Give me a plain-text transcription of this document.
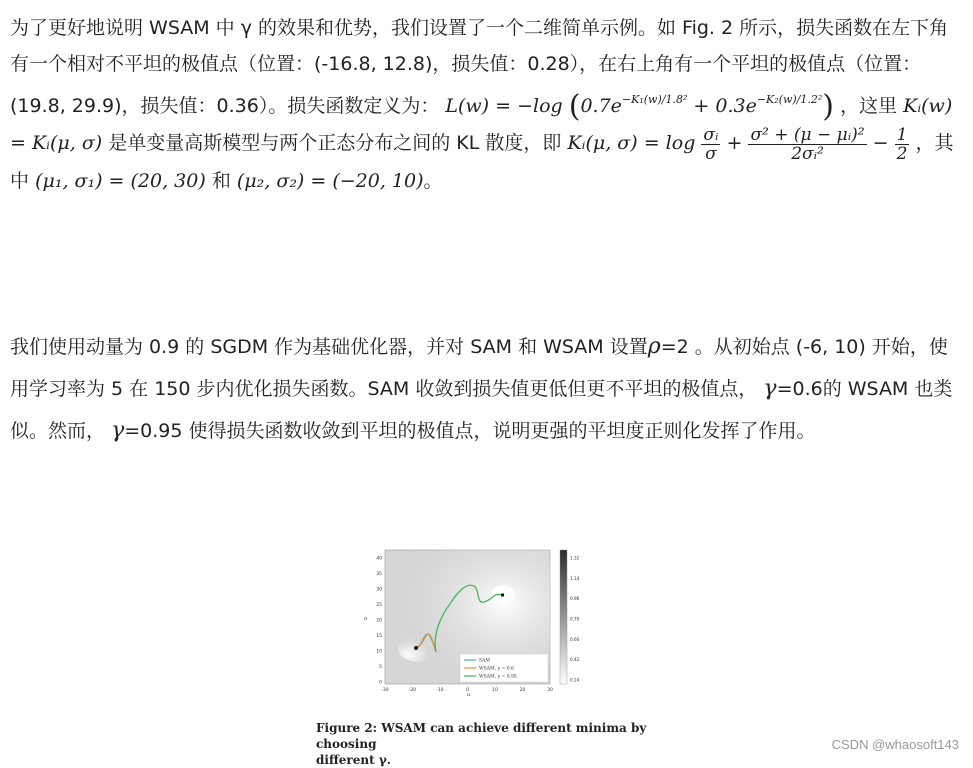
为了更好地说明 WSAM 中 γ 的效果和优势，我们设置了一个二维简单示例。如 Fig. 2 所示，损失函数在左下角有一个相对不平坦的极值点（位置：(-16.8, 12.8)，损失值：0.28），在右上角有一个平坦的极值点（位置：(19.8, 29.9)，损失值：0.36）。损失函数定义为： L(w) = −log $(0.7e^{-K_1(w)/1.8^2} + 0.3e^{-K_2(w)/1.2^2})$ ，这里 Kᵢ(w) = Kᵢ(μ, σ) 是单变量高斯模型与两个正态分布之间的 KL 散度，即 Kᵢ(μ, $\sigma) = \log \frac{\text{σᵢ}}{\sigma} + \frac{\text{σ² + (μ − μᵢ)²}}{\text{2σᵢ²}} - \frac{1}{2}$ ，其中 (μ₁, σ₁) = (20, 30) 和 (μ₂, σ₂) = (−20, 10)。
我们使用动量为 0.9 的 SGDM 作为基础优化器，并对 SAM 和 WSAM 设置ρ=2 。从初始点 (-6, 10) 开始，使用学习率为 5 在 150 步内优化损失函数。SAM 收敛到损失值更低但更不平坦的极值点， γ=0.6的 WSAM 也类似。然而， γ=0.95 使得损失函数收敛到平坦的极值点，说明更强的平坦度正则化发挥了作用。
-30	-20	-10	0	10	20	30
40
35
30
25
20
15
10
5
0
μ
σ
SAM
WSAM, γ = 0.6
WSAM, γ = 0.95
1.32
1.14
0.96
0.79
0.60
0.42
0.24
Figure 2: WSAM can achieve different minima by choosing
different γ.
CSDN @whaosoft143
